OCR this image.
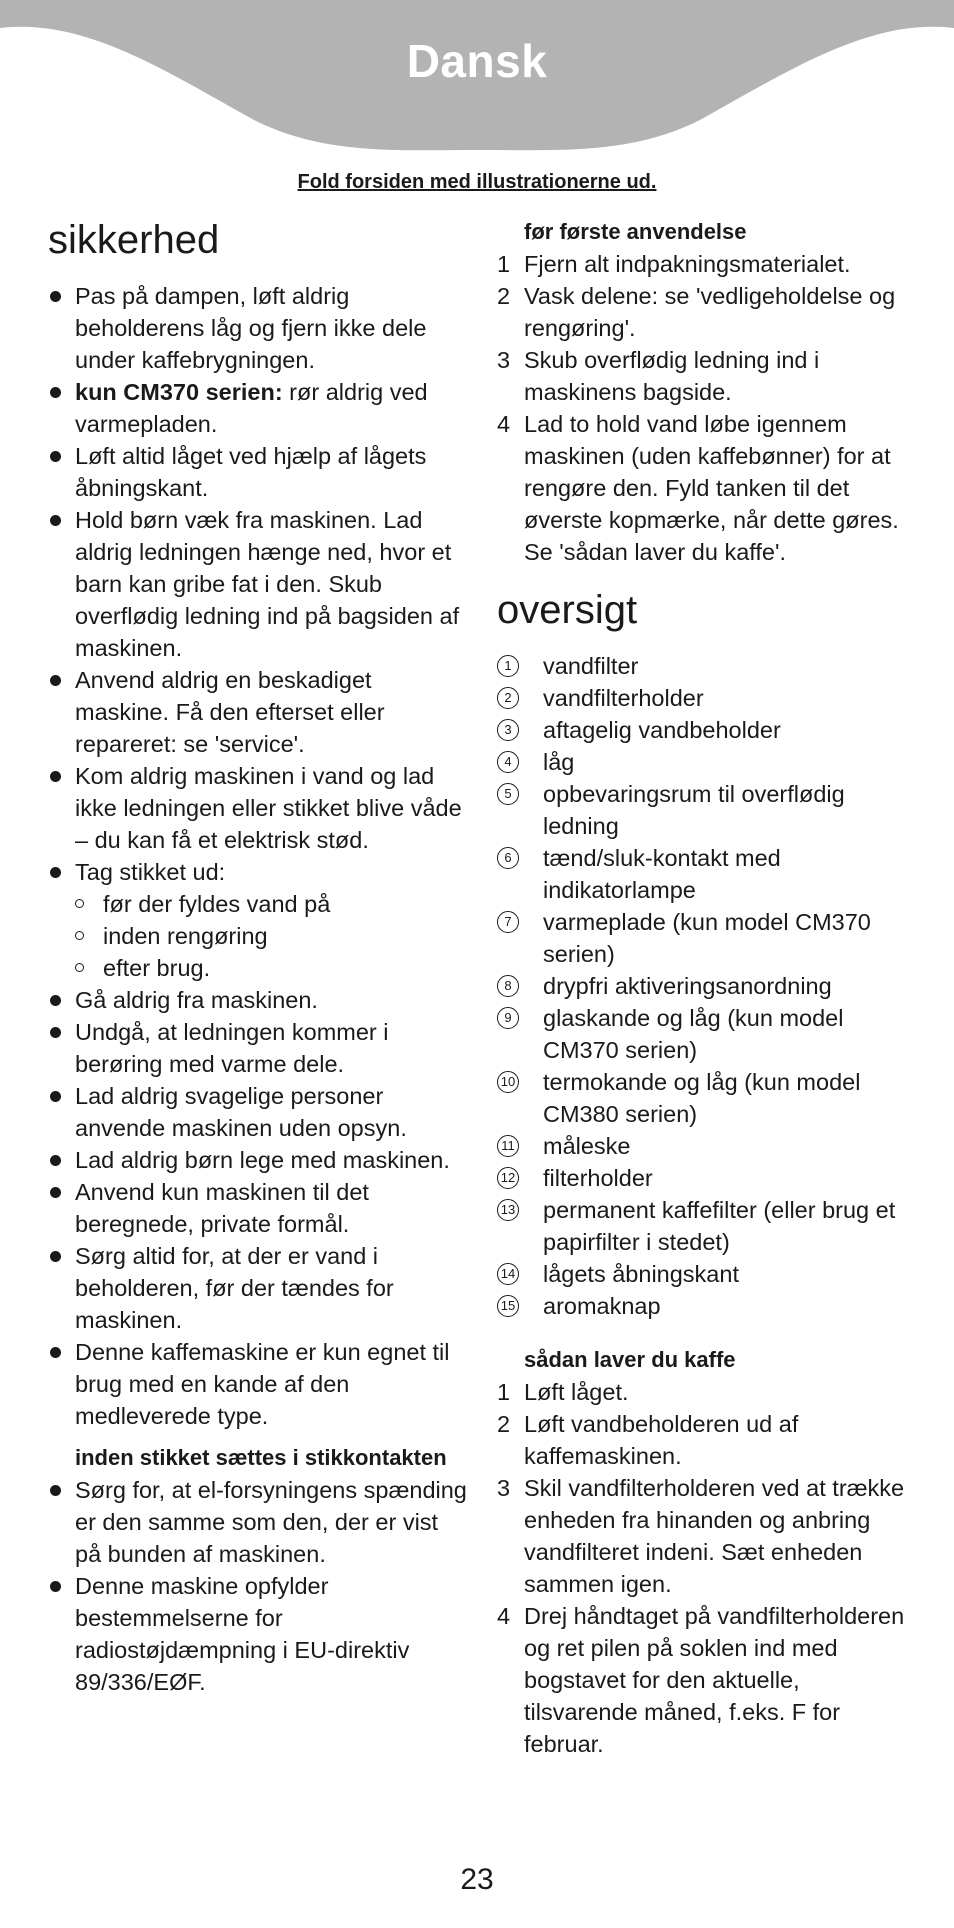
Dansk
Fold forsiden med illustrationerne ud.
sikkerhed
Pas på dampen, løft aldrig beholderens låg og fjern ikke dele under kaffebrygningen.
kun CM370 serien: rør aldrig ved varmepladen.
Løft altid låget ved hjælp af lågets åbningskant.
Hold børn væk fra maskinen. Lad aldrig ledningen hænge ned, hvor et barn kan gribe fat i den. Skub overflødig ledning ind på bagsiden af maskinen.
Anvend aldrig en beskadiget maskine. Få den efterset eller repareret: se 'service'.
Kom aldrig maskinen i vand og lad ikke ledningen eller stikket blive våde – du kan få et elektrisk stød.
Tag stikket ud:
før der fyldes vand på
inden rengøring
efter brug.
Gå aldrig fra maskinen.
Undgå, at ledningen kommer i berøring med varme dele.
Lad aldrig svagelige personer anvende maskinen uden opsyn.
Lad aldrig børn lege med maskinen.
Anvend kun maskinen til det beregnede, private formål.
Sørg altid for, at der er vand i beholderen, før der tændes for maskinen.
Denne kaffemaskine er kun egnet til brug med en kande af den medleverede type.
inden stikket sættes i stikkontakten
Sørg for, at el-forsyningens spænding er den samme som den, der er vist på bunden af maskinen.
Denne maskine opfylder bestemmelserne for radiostøjdæmpning i EU-direktiv 89/336/EØF.
før første anvendelse
1 Fjern alt indpakningsmaterialet.
2 Vask delene: se 'vedligeholdelse og rengøring'.
3 Skub overflødig ledning ind i maskinens bagside.
4 Lad to hold vand løbe igennem maskinen (uden kaffebønner) for at rengøre den. Fyld tanken til det øverste kopmærke, når dette gøres. Se 'sådan laver du kaffe'.
oversigt
1	vandfilter
2	vandfilterholder
3	aftagelig vandbeholder
4	låg
5	opbevaringsrum til overflødig ledning
6	tænd/sluk-kontakt med indikatorlampe
7	varmeplade (kun model CM370 serien)
8	drypfri aktiveringsanordning
9	glaskande og låg (kun model CM370 serien)
10 termokande og låg (kun model CM380 serien)
11 måleske
12 filterholder
13 permanent kaffefilter (eller brug et papirfilter i stedet)
14 lågets åbningskant
15 aromaknap
sådan laver du kaffe
1 Løft låget.
2 Løft vandbeholderen ud af kaffemaskinen.
3 Skil vandfilterholderen ved at trække enheden fra hinanden og anbring vandfilteret indeni. Sæt enheden sammen igen.
4 Drej håndtaget på vandfilterholderen og ret pilen på soklen ind med bogstavet for den aktuelle, tilsvarende måned, f.eks. F for februar.
23
